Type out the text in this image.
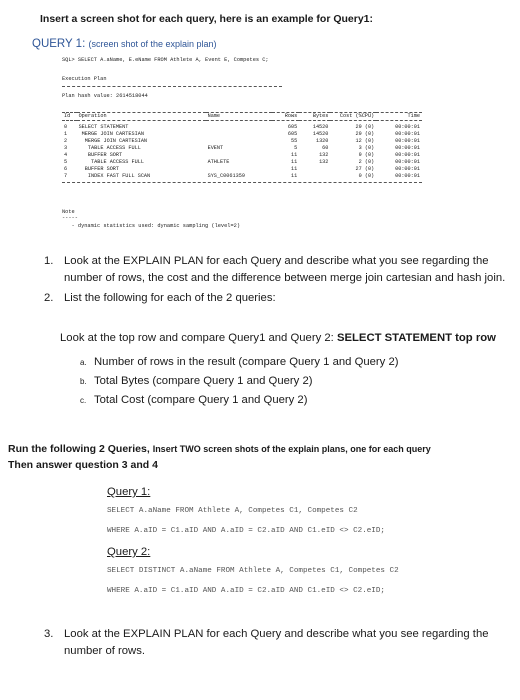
Insert a screen shot for each query, here is an example for Query1:
QUERY 1: (screen shot of the explain plan)
SQL> SELECT A.aName, E.eName FROM Athlete A, Event E, Competes C;
Execution Plan
Plan hash value: 2614518044
Id	Operation	Name	Rows	Bytes	Cost (%CPU)	Time

0	SELECT STATEMENT		605	14520	29 (0)	00:00:01
1	MERGE JOIN CARTESIAN		605	14520	29 (0)	00:00:01
2	MERGE JOIN CARTESIAN		55	1320	12 (0)	00:00:01
3	TABLE ACCESS FULL	EVENT	5	60	3 (0)	00:00:01
4	BUFFER SORT		11	132	9 (0)	00:00:01
5	TABLE ACCESS FULL	ATHLETE	11	132	2 (0)	00:00:01
6	BUFFER SORT		11		27 (0)	00:00:01
7	INDEX FAST FULL SCAN	SYS_C0061359	11		0 (0)	00:00:01
Note
-----
- dynamic statistics used: dynamic sampling (level=2)
1. Look at the EXPLAIN PLAN for each Query and describe what you see regarding the number of rows, the cost and the difference between merge join cartesian and hash join.
2. List the following for each of the 2 queries:
Look at the top row and compare Query1 and Query 2: SELECT STATEMENT top row
a. Number of rows in the result (compare Query 1 and Query 2)
b. Total Bytes (compare Query 1 and Query 2)
c. Total Cost (compare Query 1 and Query 2)
Run the following 2 Queries, Insert TWO screen shots of the explain plans, one for each query
Then answer question 3 and 4
Query 1:
SELECT A.aName FROM Athlete A, Competes C1, Competes C2
WHERE A.aID = C1.aID AND A.aID = C2.aID AND C1.eID <> C2.eID;
Query 2:
SELECT DISTINCT A.aName FROM Athlete A, Competes C1, Competes C2
WHERE A.aID = C1.aID AND A.aID = C2.aID AND C1.eID <> C2.eID;
3. Look at the EXPLAIN PLAN for each Query and describe what you see regarding the number of rows.
